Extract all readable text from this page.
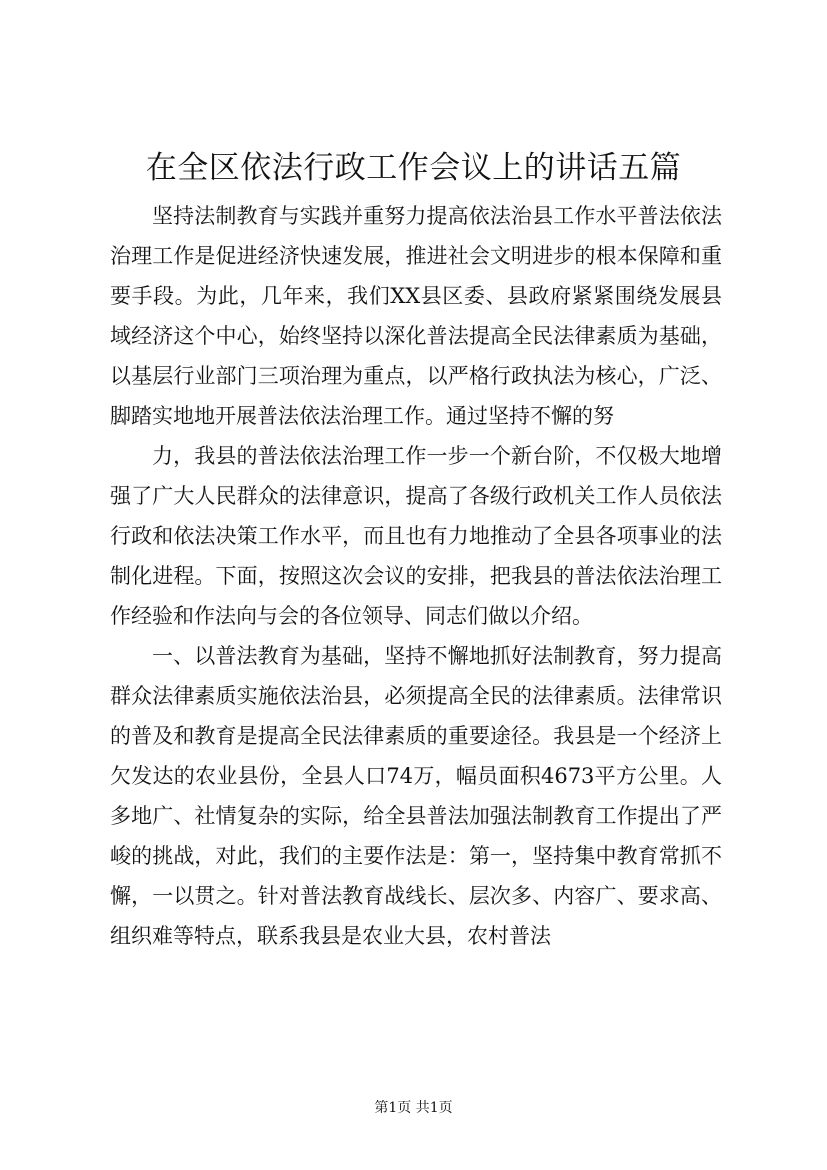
在全区依法行政工作会议上的讲话五篇

坚持法制教育与实践并重努力提高依法治县工作水平普法依法治理工作是促进经济快速发展，推进社会文明进步的根本保障和重要手段。为此，几年来，我们XX县区委、县政府紧紧围绕发展县域经济这个中心，始终坚持以深化普法提高全民法律素质为基础，以基层行业部门三项治理为重点，以严格行政执法为核心，广泛、脚踏实地地开展普法依法治理工作。通过坚持不懈的努

力，我县的普法依法治理工作一步一个新台阶，不仅极大地增强了广大人民群众的法律意识，提高了各级行政机关工作人员依法行政和依法决策工作水平，而且也有力地推动了全县各项事业的法制化进程。下面，按照这次会议的安排，把我县的普法依法治理工作经验和作法向与会的各位领导、同志们做以介绍。

一、以普法教育为基础，坚持不懈地抓好法制教育，努力提高群众法律素质实施依法治县，必须提高全民的法律素质。法律常识的普及和教育是提高全民法律素质的重要途径。我县是一个经济上欠发达的农业县份，全县人口74万，幅员面积4673平方公里。人多地广、社情复杂的实际，给全县普法加强法制教育工作提出了严峻的挑战，对此，我们的主要作法是：第一，坚持集中教育常抓不懈，一以贯之。针对普法教育战线长、层次多、内容广、要求高、组织难等特点，联系我县是农业大县，农村普法

第1页 共1页
